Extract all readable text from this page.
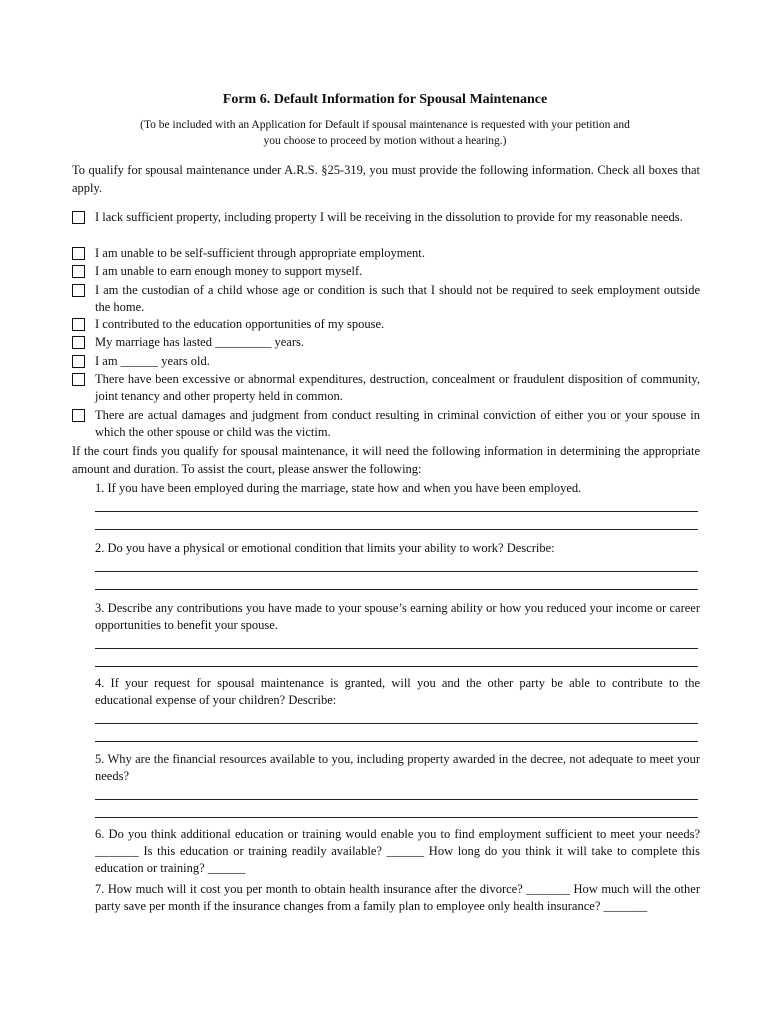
Form 6. Default Information for Spousal Maintenance
(To be included with an Application for Default if spousal maintenance is requested with your petition and you choose to proceed by motion without a hearing.)
To qualify for spousal maintenance under A.R.S. §25-319, you must provide the following information. Check all boxes that apply.
I lack sufficient property, including property I will be receiving in the dissolution to provide for my reasonable needs.
I am unable to be self-sufficient through appropriate employment.
I am unable to earn enough money to support myself.
I am the custodian of a child whose age or condition is such that I should not be required to seek employment outside the home.
I contributed to the education opportunities of my spouse.
My marriage has lasted _________ years.
I am ______ years old.
There have been excessive or abnormal expenditures, destruction, concealment or fraudulent disposition of community, joint tenancy and other property held in common.
There are actual damages and judgment from conduct resulting in criminal conviction of either you or your spouse in which the other spouse or child was the victim.
If the court finds you qualify for spousal maintenance, it will need the following information in determining the appropriate amount and duration. To assist the court, please answer the following:
1. If you have been employed during the marriage, state how and when you have been employed.
2. Do you have a physical or emotional condition that limits your ability to work? Describe:
3. Describe any contributions you have made to your spouse’s earning ability or how you reduced your income or career opportunities to benefit your spouse.
4. If your request for spousal maintenance is granted, will you and the other party be able to contribute to the educational expense of your children? Describe:
5. Why are the financial resources available to you, including property awarded in the decree, not adequate to meet your needs?
6. Do you think additional education or training would enable you to find employment sufficient to meet your needs? _______ Is this education or training readily available? ______ How long do you think it will take to complete this education or training? ______
7. How much will it cost you per month to obtain health insurance after the divorce? _______ How much will the other party save per month if the insurance changes from a family plan to employee only health insurance? _______
